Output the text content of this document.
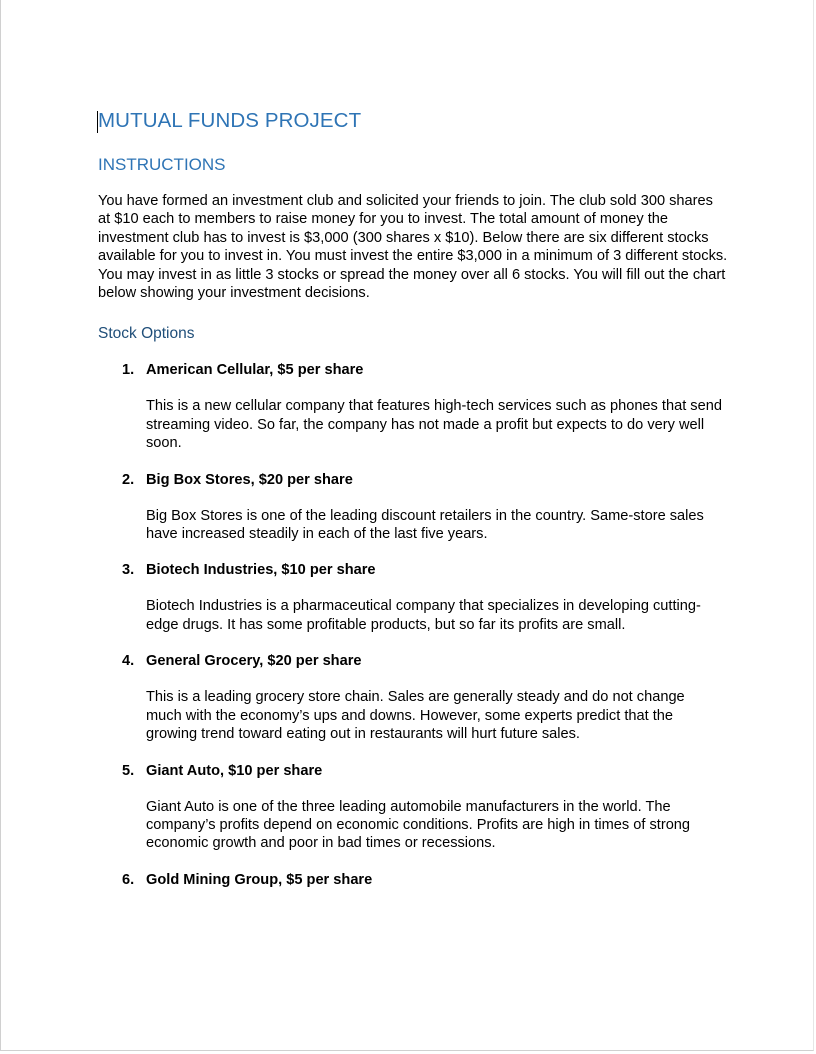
MUTUAL FUNDS PROJECT
INSTRUCTIONS

You have formed an investment club and solicited your friends to join. The club sold 300 shares at $10 each to members to raise money for you to invest. The total amount of money the investment club has to invest is $3,000 (300 shares x $10). Below there are six different stocks available for you to invest in. You must invest the entire $3,000 in a minimum of 3 different stocks. You may invest in as little 3 stocks or spread the money over all 6 stocks. You will fill out the chart below showing your investment decisions.

Stock Options
1. American Cellular, $5 per share

This is a new cellular company that features high-tech services such as phones that send streaming video. So far, the company has not made a profit but expects to do very well soon.

2. Big Box Stores, $20 per share

Big Box Stores is one of the leading discount retailers in the country. Same-store sales have increased steadily in each of the last five years.

3. Biotech Industries, $10 per share

Biotech Industries is a pharmaceutical company that specializes in developing cutting-edge drugs. It has some profitable products, but so far its profits are small.

4. General Grocery, $20 per share

This is a leading grocery store chain. Sales are generally steady and do not change much with the economy’s ups and downs. However, some experts predict that the growing trend toward eating out in restaurants will hurt future sales.

5. Giant Auto, $10 per share

Giant Auto is one of the three leading automobile manufacturers in the world. The company’s profits depend on economic conditions. Profits are high in times of strong economic growth and poor in bad times or recessions.

6. Gold Mining Group, $5 per share
